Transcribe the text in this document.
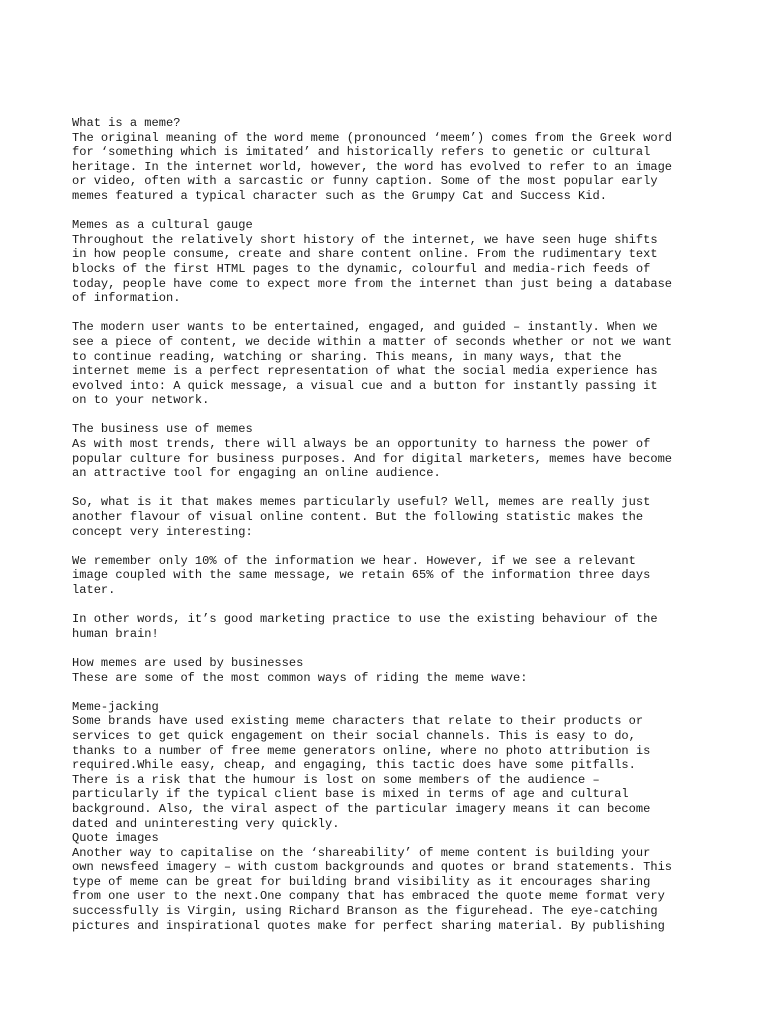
What is a meme?
The original meaning of the word meme (pronounced ‘meem’) comes from the Greek word
for ‘something which is imitated’ and historically refers to genetic or cultural
heritage. In the internet world, however, the word has evolved to refer to an image
or video, often with a sarcastic or funny caption. Some of the most popular early
memes featured a typical character such as the Grumpy Cat and Success Kid.
Memes as a cultural gauge
Throughout the relatively short history of the internet, we have seen huge shifts
in how people consume, create and share content online. From the rudimentary text
blocks of the first HTML pages to the dynamic, colourful and media-rich feeds of
today, people have come to expect more from the internet than just being a database
of information.
The modern user wants to be entertained, engaged, and guided – instantly. When we
see a piece of content, we decide within a matter of seconds whether or not we want
to continue reading, watching or sharing. This means, in many ways, that the
internet meme is a perfect representation of what the social media experience has
evolved into: A quick message, a visual cue and a button for instantly passing it
on to your network.
The business use of memes
As with most trends, there will always be an opportunity to harness the power of
popular culture for business purposes. And for digital marketers, memes have become
an attractive tool for engaging an online audience.
So, what is it that makes memes particularly useful? Well, memes are really just
another flavour of visual online content. But the following statistic makes the
concept very interesting:
We remember only 10% of the information we hear. However, if we see a relevant
image coupled with the same message, we retain 65% of the information three days
later.
In other words, it’s good marketing practice to use the existing behaviour of the
human brain!
How memes are used by businesses
These are some of the most common ways of riding the meme wave:
Meme-jacking
Some brands have used existing meme characters that relate to their products or
services to get quick engagement on their social channels. This is easy to do,
thanks to a number of free meme generators online, where no photo attribution is
required.While easy, cheap, and engaging, this tactic does have some pitfalls.
There is a risk that the humour is lost on some members of the audience –
particularly if the typical client base is mixed in terms of age and cultural
background. Also, the viral aspect of the particular imagery means it can become
dated and uninteresting very quickly.
Quote images
Another way to capitalise on the ‘shareability’ of meme content is building your
own newsfeed imagery – with custom backgrounds and quotes or brand statements. This
type of meme can be great for building brand visibility as it encourages sharing
from one user to the next.One company that has embraced the quote meme format very
successfully is Virgin, using Richard Branson as the figurehead. The eye-catching
pictures and inspirational quotes make for perfect sharing material. By publishing
